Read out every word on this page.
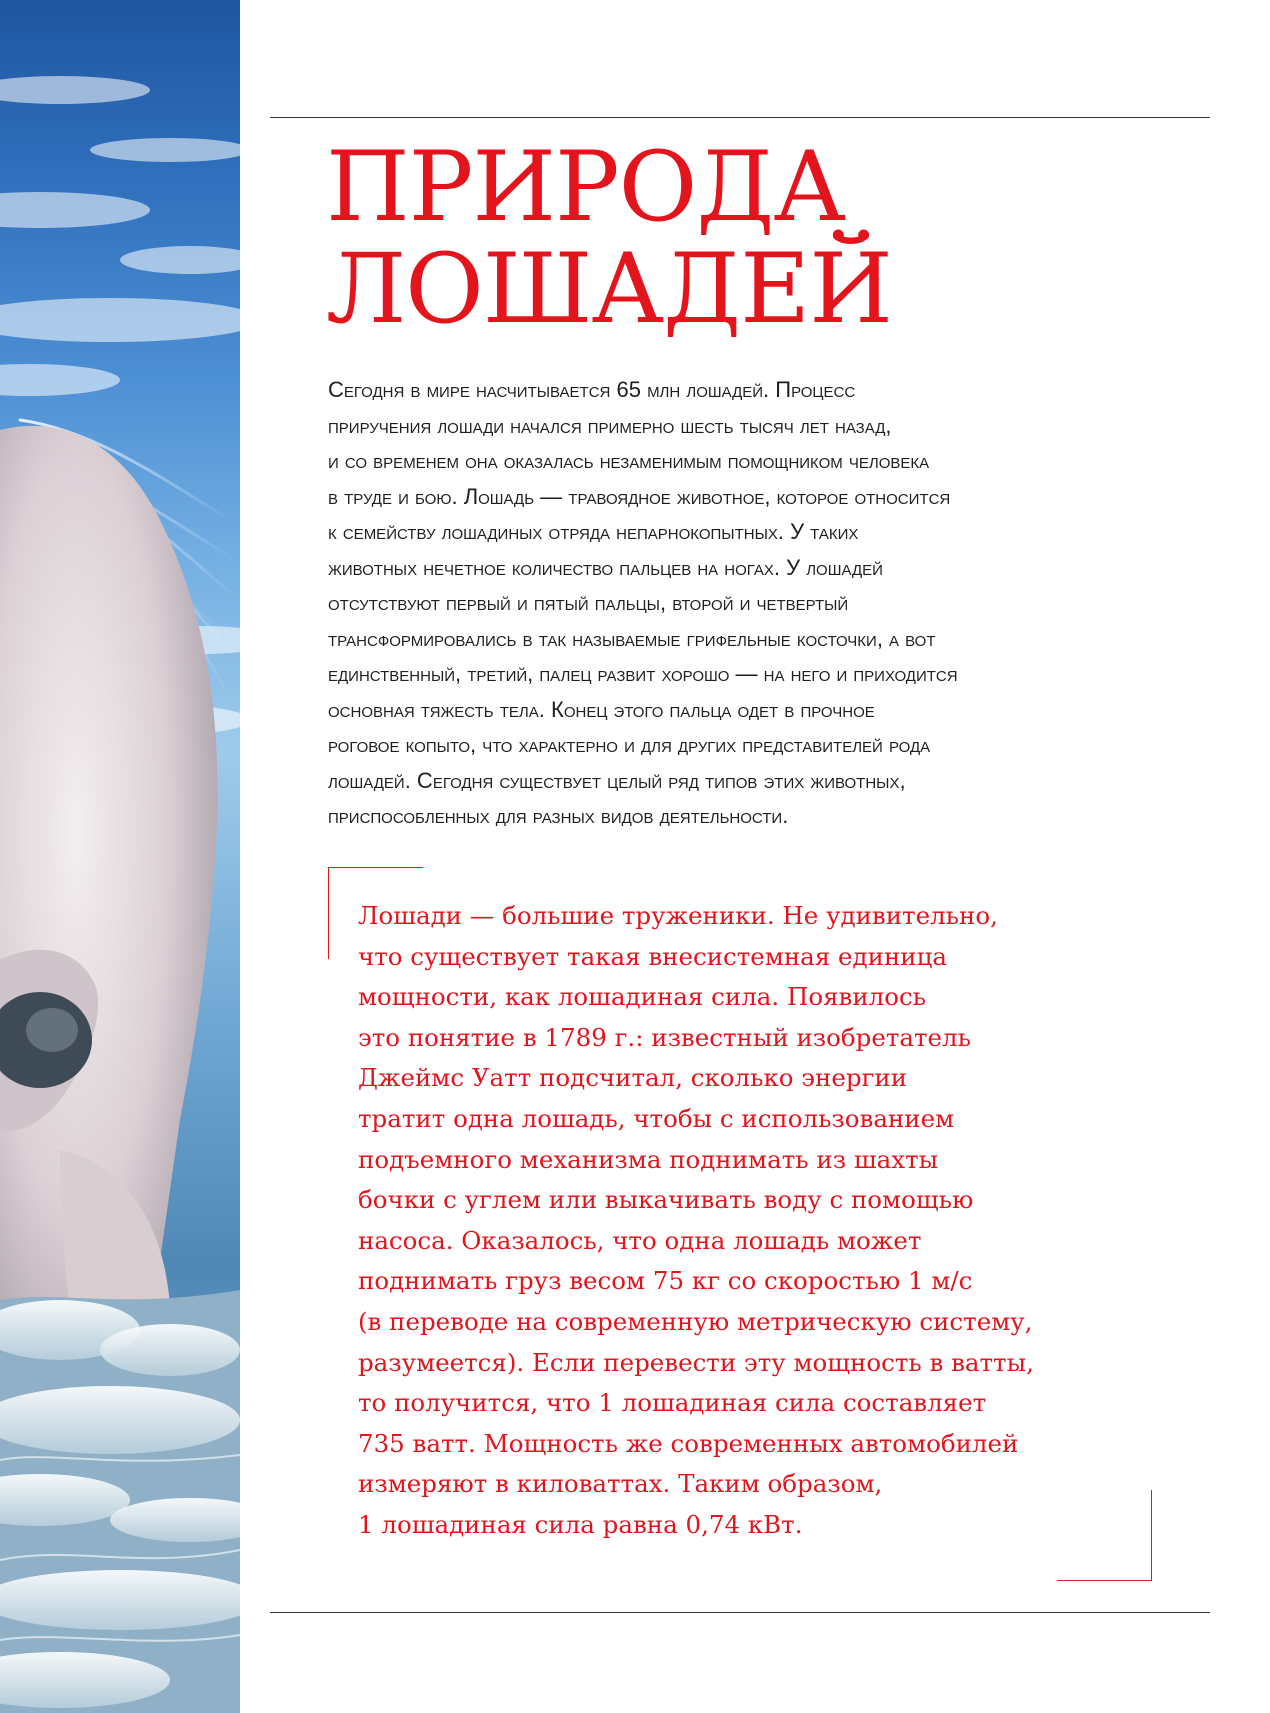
ПРИРОДА
ЛОШАДЕЙ
Сегодня в мире насчитывается 65 млн лошадей. Процесс
приручения лошади начался примерно шесть тысяч лет назад,
и со временем она оказалась незаменимым помощником человека
в труде и бою. Лошадь — травоядное животное, которое относится
к семейству лошадиных отряда непарнокопытных. У таких
животных нечетное количество пальцев на ногах. У лошадей
отсутствуют первый и пятый пальцы, второй и четвертый
трансформировались в так называемые грифельные косточки, а вот
единственный, третий, палец развит хорошо — на него и приходится
основная тяжесть тела. Конец этого пальца одет в прочное
роговое копыто, что характерно и для других представителей рода
лошадей. Сегодня существует целый ряд типов этих животных,
приспособленных для разных видов деятельности.
Лошади — большие труженики. Не удивительно,
что существует такая внесистемная единица
мощности, как лошадиная сила. Появилось
это понятие в 1789 г.: известный изобретатель
Джеймс Уатт подсчитал, сколько энергии
тратит одна лошадь, чтобы с использованием
подъемного механизма поднимать из шахты
бочки с углем или выкачивать воду с помощью
насоса. Оказалось, что одна лошадь может
поднимать груз весом 75 кг со скоростью 1 м/с
(в переводе на современную метрическую систему,
разумеется). Если перевести эту мощность в ватты,
то получится, что 1 лошадиная сила составляет
735 ватт. Мощность же современных автомобилей
измеряют в киловаттах. Таким образом,
1 лошадиная сила равна 0,74 кВт.
